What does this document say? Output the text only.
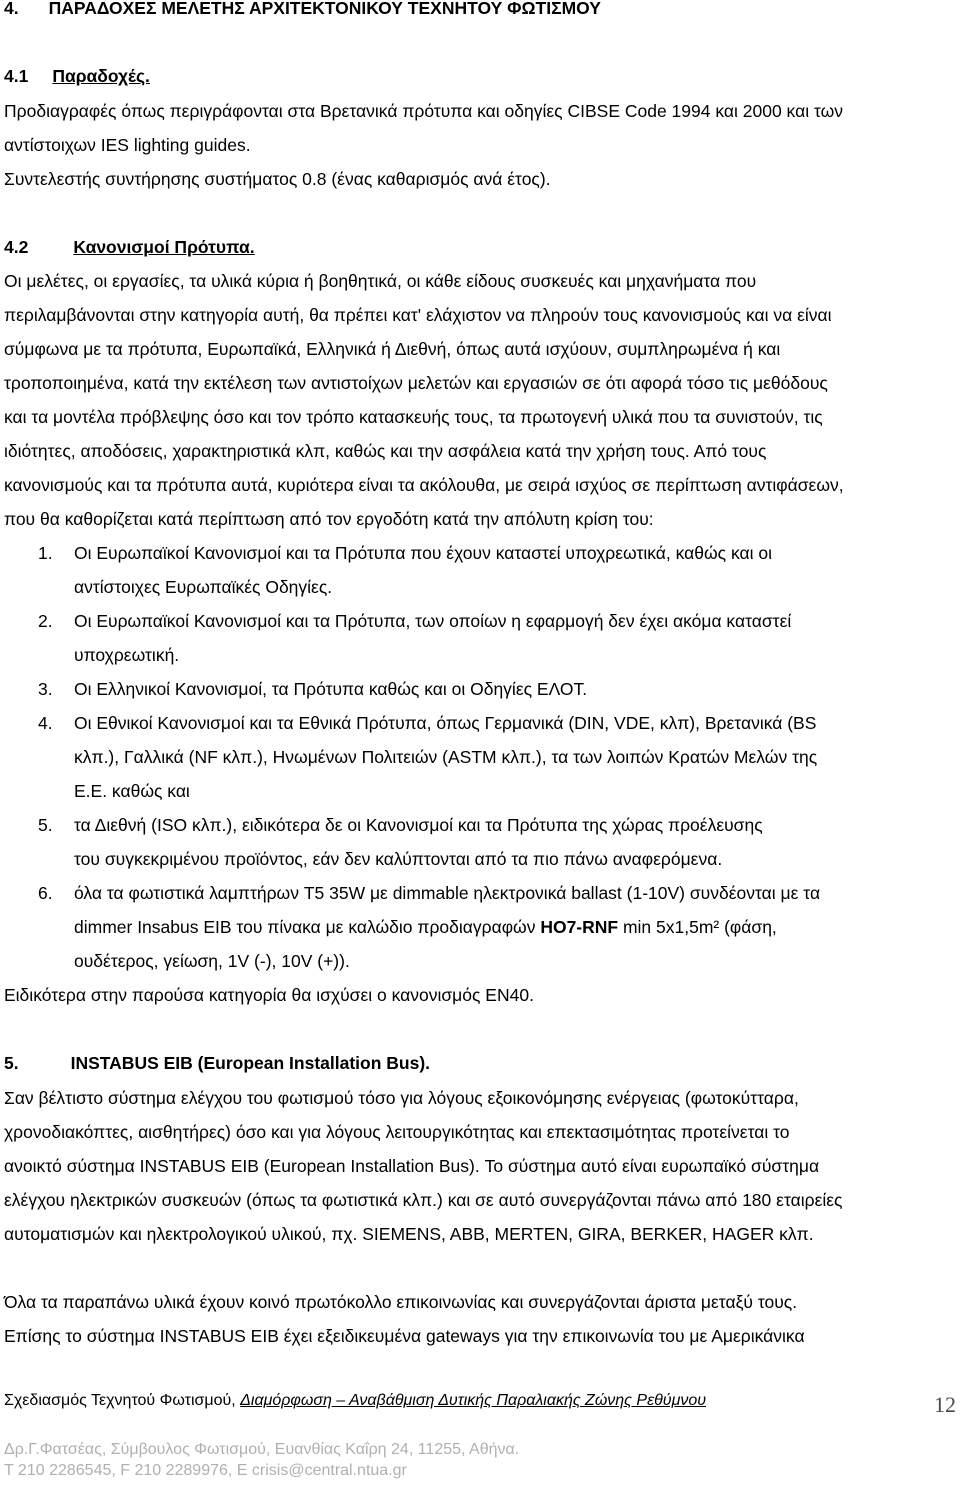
4. ΠΑΡΑΔΟΧΕΣ ΜΕΛΕΤΗΣ ΑΡΧΙΤΕΚΤΟΝΙΚΟΥ ΤΕΧΝΗΤΟΥ ΦΩΤΙΣΜΟΥ
4.1 Παραδοχές.
Προδιαγραφές όπως περιγράφονται στα Βρετανικά πρότυπα και οδηγίες CIBSE Code 1994 και 2000 και των
αντίστοιχων IES lighting guides.
Συντελεστής συντήρησης συστήματος 0.8 (ένας καθαρισμός ανά έτος).
4.2	Κανονισμοί Πρότυπα.
Οι μελέτες, οι εργασίες, τα υλικά κύρια ή βοηθητικά, οι κάθε είδους συσκευές και μηχανήματα που
περιλαμβάνονται στην κατηγορία αυτή, θα πρέπει κατ' ελάχιστον να πληρούν τους κανονισμούς και να είναι
σύμφωνα με τα πρότυπα, Ευρωπαϊκά, Ελληνικά ή Διεθνή, όπως αυτά ισχύουν, συμπληρωμένα ή και
τροποποιημένα, κατά την εκτέλεση των αντιστοίχων μελετών και εργασιών σε ότι αφορά τόσο τις μεθόδους
και τα μοντέλα πρόβλεψης όσο και τον τρόπο κατασκευής τους, τα πρωτογενή υλικά που τα συνιστούν, τις
ιδιότητες, αποδόσεις, χαρακτηριστικά κλπ, καθώς και την ασφάλεια κατά την χρήση τους. Από τους
κανονισμούς και τα πρότυπα αυτά, κυριότερα είναι τα ακόλουθα, με σειρά ισχύος σε περίπτωση αντιφάσεων,
που θα καθορίζεται κατά περίπτωση από τον εργοδότη κατά την απόλυτη κρίση του:
1. Οι Ευρωπαϊκοί Κανονισμοί και τα Πρότυπα που έχουν καταστεί υποχρεωτικά, καθώς και οι
αντίστοιχες Ευρωπαϊκές Οδηγίες.
2. Οι Ευρωπαϊκοί Κανονισμοί και τα Πρότυπα, των οποίων η εφαρμογή δεν έχει ακόμα καταστεί
υποχρεωτική.
3. Οι Ελληνικοί Κανονισμοί, τα Πρότυπα καθώς και οι Οδηγίες ΕΛΟΤ.
4. Οι Εθνικοί Κανονισμοί και τα Εθνικά Πρότυπα, όπως Γερμανικά (DIN, VDE, κλπ), Βρετανικά (BS
κλπ.), Γαλλικά (NF κλπ.), Ηνωμένων Πολιτειών (ASTM κλπ.), τα των λοιπών Κρατών Μελών της
Ε.Ε. καθώς και
5. τα Διεθνή (ISO κλπ.), ειδικότερα δε οι Κανονισμοί και τα Πρότυπα της χώρας προέλευσης
του συγκεκριμένου προϊόντος, εάν δεν καλύπτονται από τα πιο πάνω αναφερόμενα.
6. όλα τα φωτιστικά λαμπτήρων T5 35W με dimmable ηλεκτρονικά ballast (1-10V) συνδέονται με τα
dimmer Insabus EIB του πίνακα με καλώδιο προδιαγραφών HO7-RNF min 5x1,5m² (φάση,
ουδέτερος, γείωση, 1V (-), 10V (+)).
Ειδικότερα στην παρούσα κατηγορία θα ισχύσει ο κανονισμός EN40.
5.	INSTABUS EIB (European Installation Bus).
Σαν βέλτιστο σύστημα ελέγχου του φωτισμού τόσο για λόγους εξοικονόμησης ενέργειας (φωτοκύτταρα,
χρονοδιακόπτες, αισθητήρες) όσο και για λόγους λειτουργικότητας και επεκτασιμότητας προτείνεται το
ανοικτό σύστημα INSTABUS EIB (European Installation Bus). Το σύστημα αυτό είναι ευρωπαϊκό σύστημα
ελέγχου ηλεκτρικών συσκευών (όπως τα φωτιστικά κλπ.) και σε αυτό συνεργάζονται πάνω από 180 εταιρείες
αυτοματισμών και ηλεκτρολογικού υλικού, πχ. SIEMENS, ABB, MERTEN, GIRA, BERKER, HAGER κλπ.
Όλα τα παραπάνω υλικά έχουν κοινό πρωτόκολλο επικοινωνίας και συνεργάζονται άριστα μεταξύ τους.
Επίσης το σύστημα INSTABUS EIB έχει εξειδικευμένα gateways για την επικοινωνία του με Αμερικάνικα
Σχεδιασμός Τεχνητού Φωτισμού, Διαμόρφωση – Αναβάθμιση Δυτικής Παραλιακής Ζώνης Ρεθύμνου	12
Δρ.Γ.Φατσέας, Σύμβουλος Φωτισμού, Ευανθίας Καΐρη 24, 11255, Αθήνα.
T 210 2286545, F 210 2289976, E crisis@central.ntua.gr
